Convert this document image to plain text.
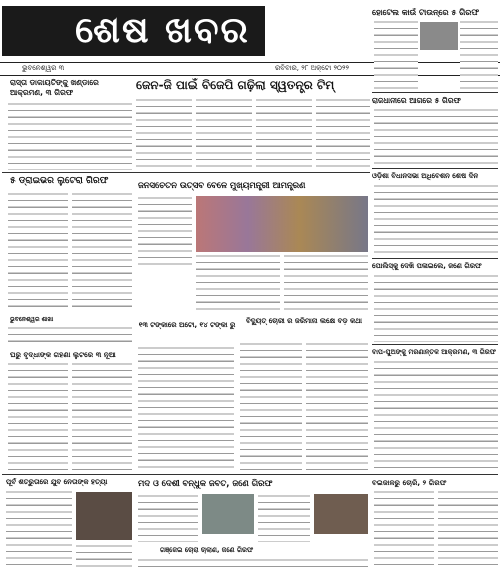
ଶେଷ ଖବର
ଭୁବନେଶ୍ୱର ୩	ରବିବାର, ୨୮ ଅକ୍ଟୋ ୨୦୨୨
ହୋଟେଲ କାଉଁ ଟାଉନ୍‌ରେ ୫ ଗିରଫ
ରାସ୍ତା ଡାକାୟତିଙ୍କୁ ଖଣ୍ଡାରେ ଆକ୍ରମଣ, ୩ ଗିରଫ
ଜେନ-ଜି ପାଇଁ ବିଜେପି ଗଢ଼ିଲା ସ୍ୱତନ୍ତ୍ର ଟିମ୍
ରାଜଧାନୀରେ ଆଗରେ ୫ ଗିରଫ
୫ ଡ୍ରାଇଭର ଲୁଟେରା ଗିରଫ	ଜନସଚେତନ ଉତ୍ସବ ବେଳେ ମୁଖ୍ୟମନ୍ତ୍ରୀ ଆମନ୍ତ୍ରଣ
ଓଡ଼ିଶା ବିଧାନସଭା ଅଧିବେଶନ ଶେଷ ଦିନ
ପୋଲିସ୍‌କୁ ଦେଖି ପଳାଇଲେ, ଜଣେ ଗିରଫ
ଭୁବନେଶ୍ୱର ଶାଖା
ଘରୁ ବୃଦ୍ଧାଙ୍କ ଗହଣା ଲୁଟରେ ୩ ନୂଆ
୧୩ ଟଙ୍କାରେ ଅଟୋ, ୧୪ ଟଙ୍କା ରୁ	ବିଦ୍ୟୁତ୍ ଚୋରୀ ର ଜରିମାନା ଲକ୍ଷେ ବଡ଼ କଥା
ବାପ-ପୁଅଙ୍କୁ ମରଣାନ୍ତକ ଆକ୍ରମଣ, ୩ ଗିରଫ
ପୂର୍ବ ଶତ୍ରୁତାରେ ଯୁବ ନେତାଙ୍କ ହତ୍ୟା	ମଦ ଓ ଦେଶୀ ବନ୍ଧୁକ ଜବତ, ଜଣେ ଗିରଫ
ଗଞ୍ଜେଇ ଚୋରା ଚାଲାଣ, ଜଣେ ଗିରଫ
ବଇଜାଳରୁ ଚୋରି, ୨ ଗିରଫ
